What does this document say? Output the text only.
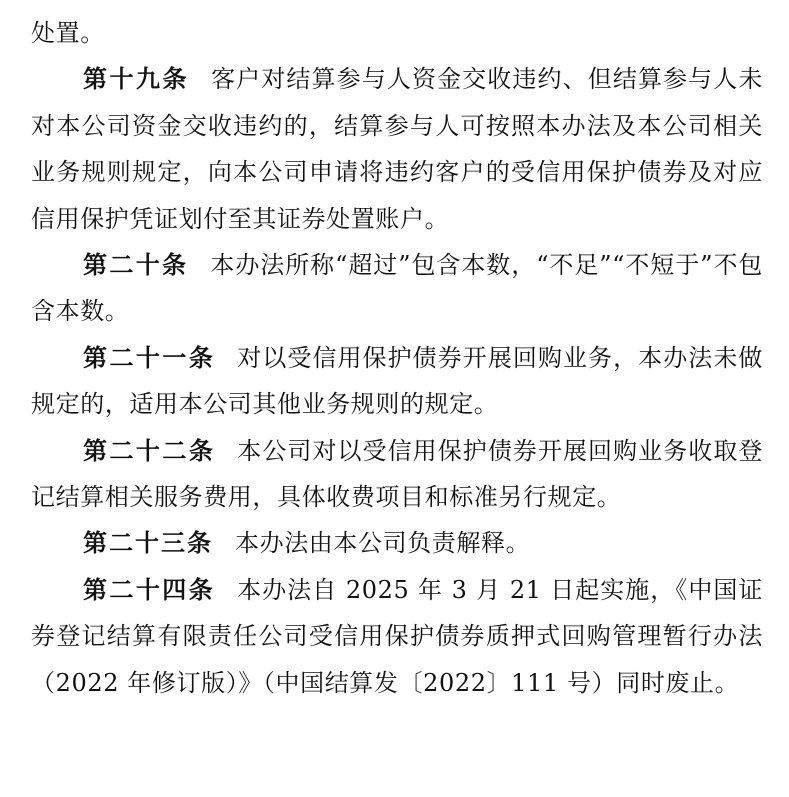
处置。

第十九条 客户对结算参与人资金交收违约、但结算参与人未对本公司资金交收违约的，结算参与人可按照本办法及本公司相关业务规则规定，向本公司申请将违约客户的受信用保护债券及对应信用保护凭证划付至其证券处置账户。

第二十条 本办法所称“超过”包含本数，“不足”“不短于”不包含本数。

第二十一条 对以受信用保护债券开展回购业务，本办法未做规定的，适用本公司其他业务规则的规定。

第二十二条 本公司对以受信用保护债券开展回购业务收取登记结算相关服务费用，具体收费项目和标准另行规定。

第二十三条 本办法由本公司负责解释。

第二十四条 本办法自 2025 年 3 月 21 日起实施，《中国证券登记结算有限责任公司受信用保护债券质押式回购管理暂行办法（2022 年修订版）》（中国结算发〔2022〕111 号）同时废止。
